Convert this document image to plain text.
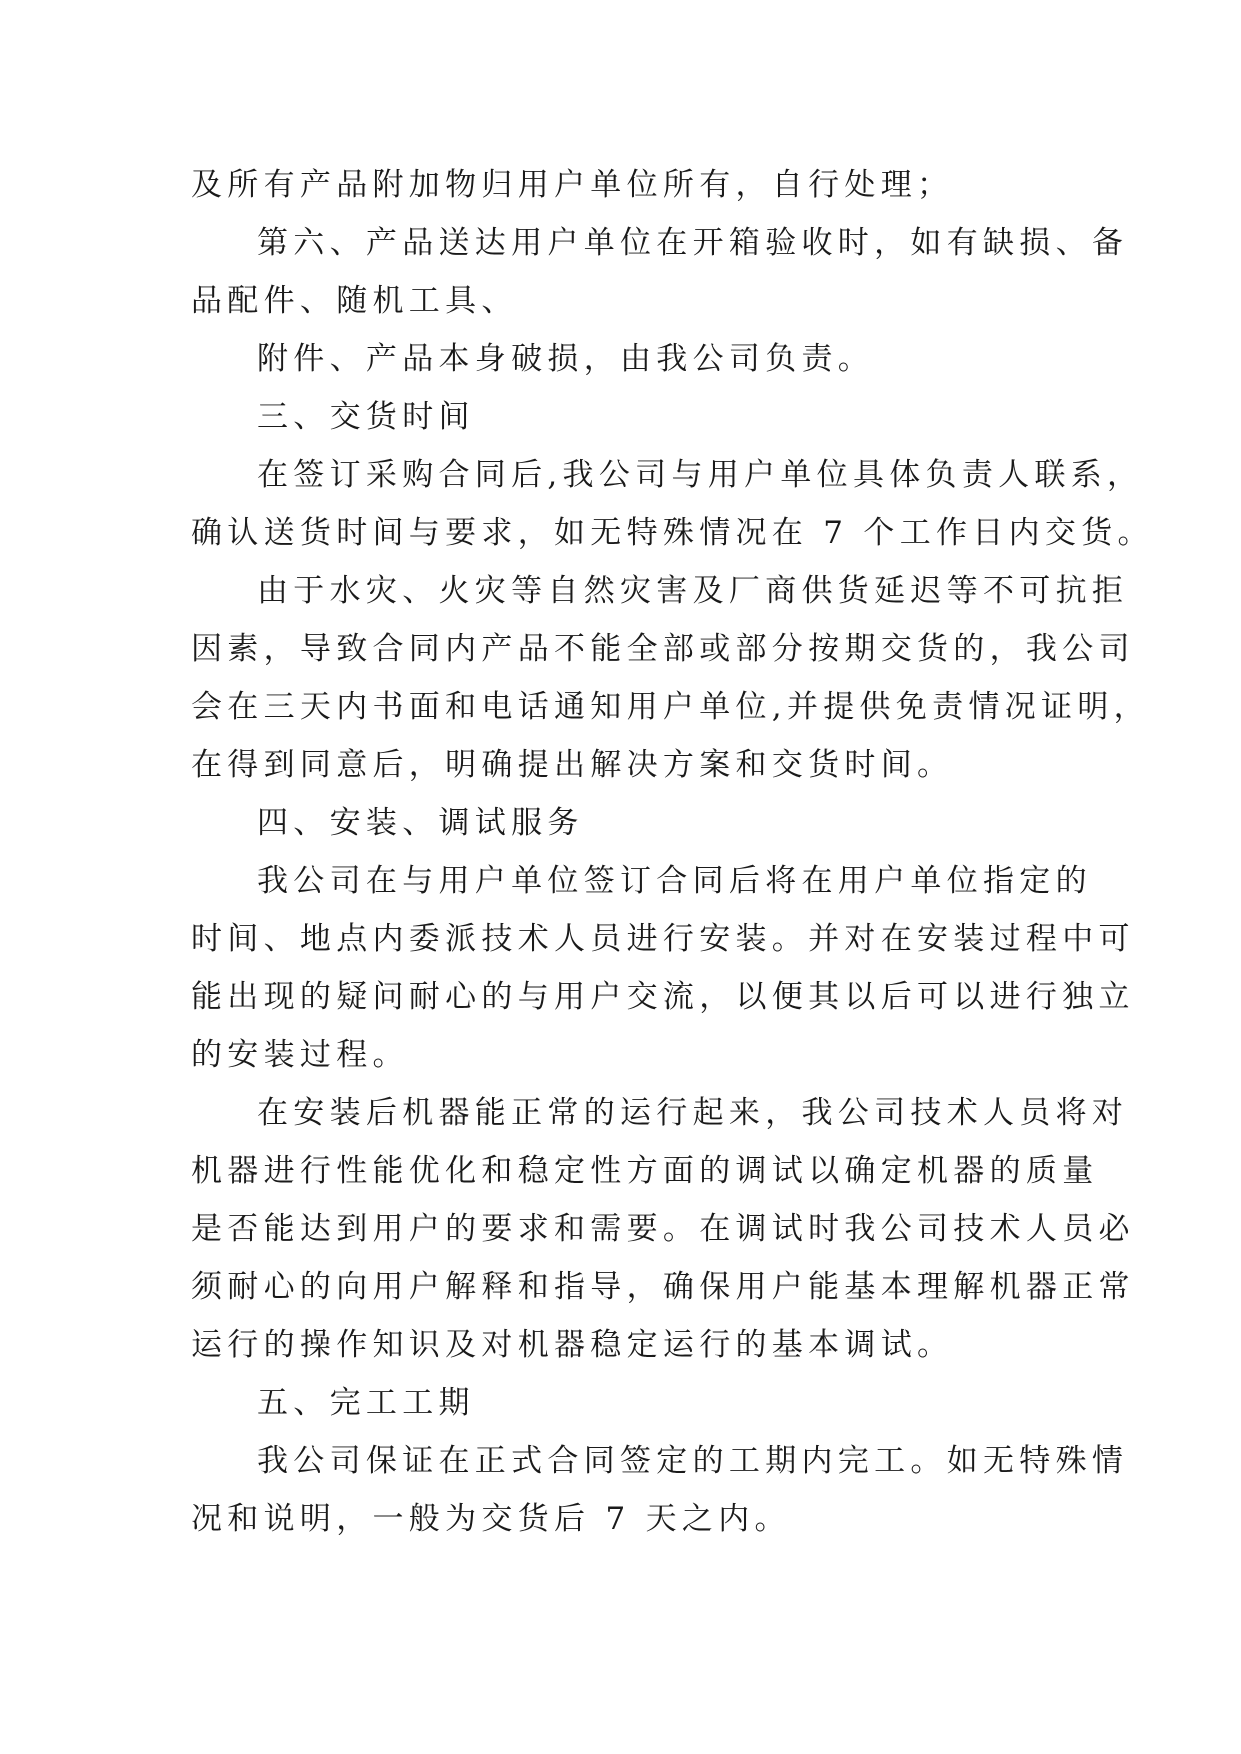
及所有产品附加物归用户单位所有，自行处理；
第六、产品送达用户单位在开箱验收时，如有缺损、备
品配件、随机工具、
附件、产品本身破损，由我公司负责。
三、交货时间
在签订采购合同后,我公司与用户单位具体负责人联系，
确认送货时间与要求，如无特殊情况在 7 个工作日内交货。
由于水灾、火灾等自然灾害及厂商供货延迟等不可抗拒
因素，导致合同内产品不能全部或部分按期交货的，我公司
会在三天内书面和电话通知用户单位,并提供免责情况证明，
在得到同意后，明确提出解决方案和交货时间。
四、安装、调试服务
我公司在与用户单位签订合同后将在用户单位指定的
时间、地点内委派技术人员进行安装。并对在安装过程中可
能出现的疑问耐心的与用户交流，以便其以后可以进行独立
的安装过程。
在安装后机器能正常的运行起来，我公司技术人员将对
机器进行性能优化和稳定性方面的调试以确定机器的质量
是否能达到用户的要求和需要。在调试时我公司技术人员必
须耐心的向用户解释和指导，确保用户能基本理解机器正常
运行的操作知识及对机器稳定运行的基本调试。
五、完工工期
我公司保证在正式合同签定的工期内完工。如无特殊情
况和说明，一般为交货后 7 天之内。
